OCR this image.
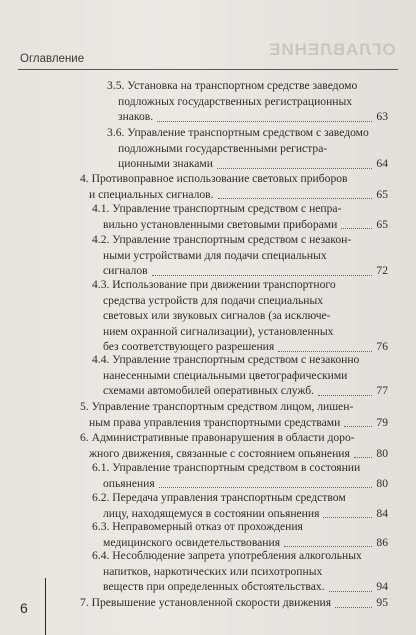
ОГЛАВЛЕНИЕ
Оглавление
3.5. Установка на транспортном средстве заведомо
подложных государственных регистрационных
знаков.	63
3.6. Управление транспортным средством с заведомо
подложными государственными регистра-
ционными знаками	64
4. Противоправное использование световых приборов
и специальных сигналов.	65
4.1. Управление транспортным средством с непра-
вильно установленными световыми приборами	65
4.2. Управление транспортным средством с незакон-
ными устройствами для подачи специальных
сигналов	72
4.3. Использование при движении транспортного
средства устройств для подачи специальных
световых или звуковых сигналов (за исключе-
нием охранной сигнализации), установленных
без соответствующего разрешения	76
4.4. Управление транспортным средством с незаконно
нанесенными специальными цветографическими
схемами автомобилей оперативных служб.	77
5. Управление транспортным средством лицом, лишен-
ным права управления транспортными средствами	79
6. Административные правонарушения в области доро-
жного движения, связанные с состоянием опьянения 80
6.1. Управление транспортным средством в состоянии
опьянения	80
6.2. Передача управления транспортным средством
лицу, находящемуся в состоянии опьянения	84
6.3. Неправомерный отказ от прохождения
медицинского освидетельствования	86
6.4. Несоблюдение запрета употребления алкогольных
напитков, наркотических или психотропных
веществ при определенных обстоятельствах.	94
7. Превышение установленной скорости движения	95
6
